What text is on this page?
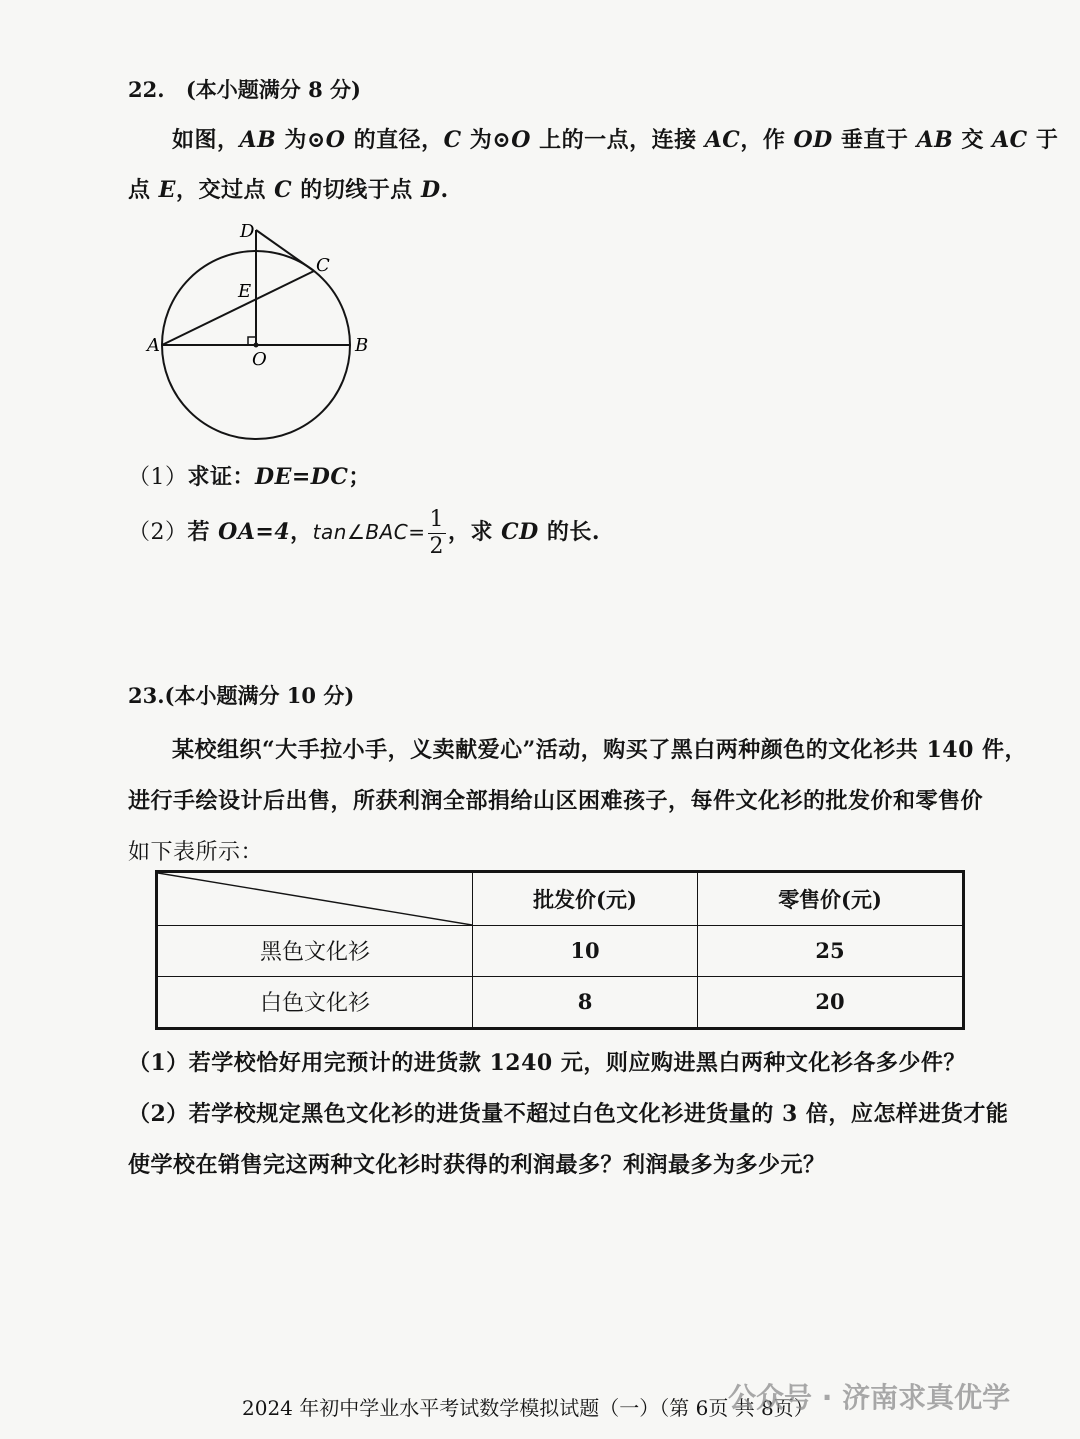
22. (本小题满分 8 分)
如图，AB 为⊙O 的直径，C 为⊙O 上的一点，连接 AC，作 OD 垂直于 AB 交 AC 于
点 E，交过点 C 的切线于点 D.
D
C
E
A
O
B
（1）求证：DE=DC；
（2）若 OA=4，tan∠BAC= $\frac{1}{2}$ ，求 CD 的长.
23.(本小题满分 10 分)
某校组织“大手拉小手，义卖献爱心”活动，购买了黑白两种颜色的文化衫共 140 件，
进行手绘设计后出售，所获利润全部捐给山区困难孩子，每件文化衫的批发价和零售价
如下表所示：
	批发价(元)	零售价(元)
黑色文化衫	10	25
白色文化衫	8	20
（1）若学校恰好用完预计的进货款 1240 元，则应购进黑白两种文化衫各多少件？
（2）若学校规定黑色文化衫的进货量不超过白色文化衫进货量的 3 倍，应怎样进货才能
使学校在销售完这两种文化衫时获得的利润最多？利润最多为多少元？
2024 年初中学业水平考试数学模拟试题（一）（第 6页 共 8页）
公众号 · 济南求真优学
